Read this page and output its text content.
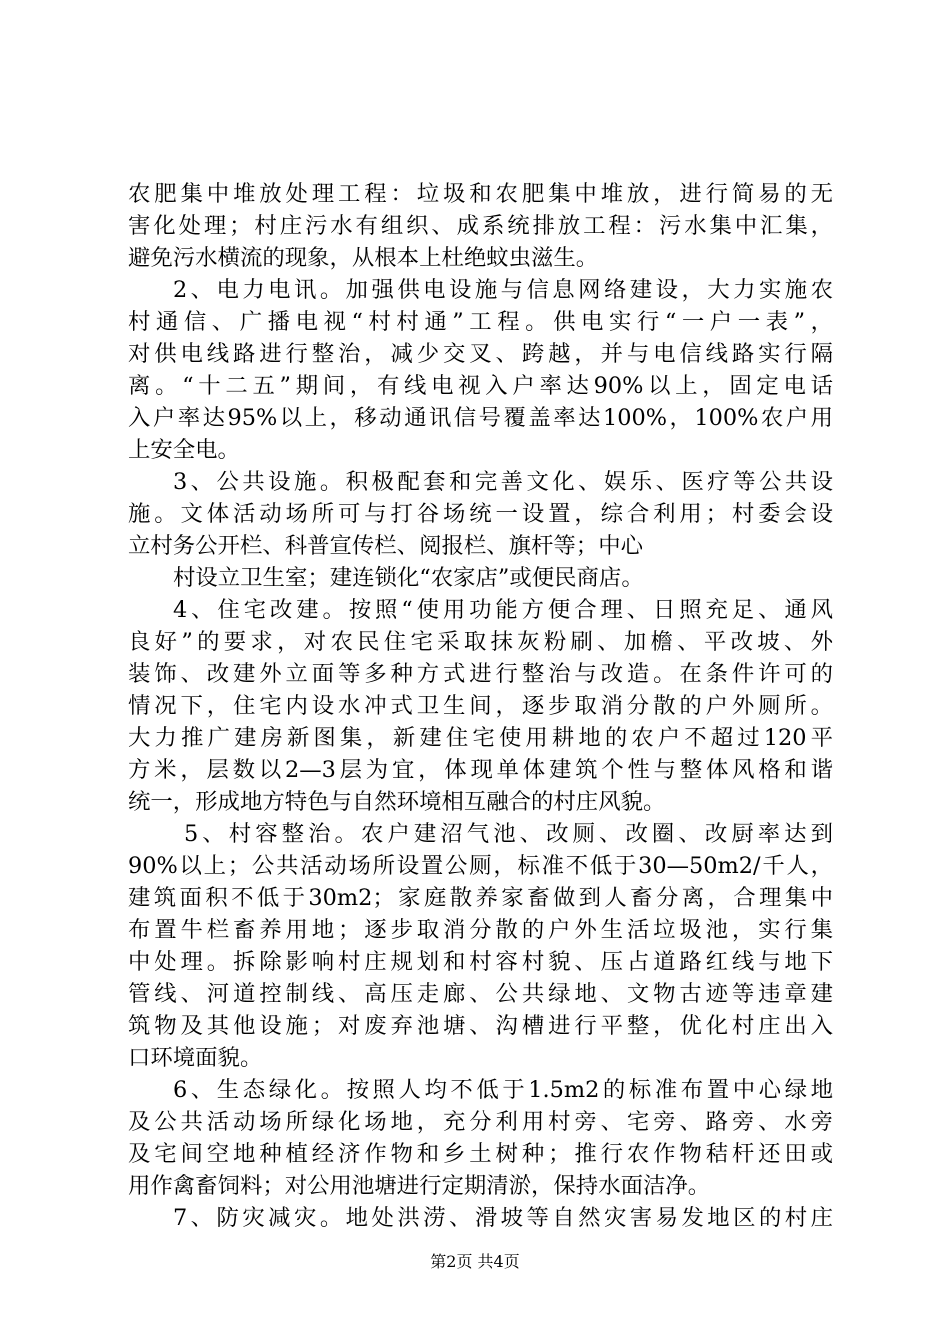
农肥集中堆放处理工程：垃圾和农肥集中堆放，进行简易的无
害化处理；村庄污水有组织、成系统排放工程：污水集中汇集，
避免污水横流的现象，从根本上杜绝蚊虫滋生。
2、电力电讯。加强供电设施与信息网络建设，大力实施农
村通信、广播电视“村村通”工程。供电实行“一户一表”，
对供电线路进行整治，减少交叉、跨越，并与电信线路实行隔
离。“十二五”期间，有线电视入户率达90%以上，固定电话
入户率达95%以上，移动通讯信号覆盖率达100%，100%农户用
上安全电。
3、公共设施。积极配套和完善文化、娱乐、医疗等公共设
施。文体活动场所可与打谷场统一设置，综合利用；村委会设
立村务公开栏、科普宣传栏、阅报栏、旗杆等；中心
村设立卫生室；建连锁化“农家店”或便民商店。
4、住宅改建。按照“使用功能方便合理、日照充足、通风
良好”的要求，对农民住宅采取抹灰粉刷、加檐、平改坡、外
装饰、改建外立面等多种方式进行整治与改造。在条件许可的
情况下，住宅内设水冲式卫生间，逐步取消分散的户外厕所。
大力推广建房新图集，新建住宅使用耕地的农户不超过120平
方米，层数以2—3层为宜，体现单体建筑个性与整体风格和谐
统一，形成地方特色与自然环境相互融合的村庄风貌。
5、村容整治。农户建沼气池、改厕、改圈、改厨率达到
90%以上；公共活动场所设置公厕，标准不低于30—50m2/千人，
建筑面积不低于30m2；家庭散养家畜做到人畜分离，合理集中
布置牛栏畜养用地；逐步取消分散的户外生活垃圾池，实行集
中处理。拆除影响村庄规划和村容村貌、压占道路红线与地下
管线、河道控制线、高压走廊、公共绿地、文物古迹等违章建
筑物及其他设施；对废弃池塘、沟槽进行平整，优化村庄出入
口环境面貌。
6、生态绿化。按照人均不低于1.5m2的标准布置中心绿地
及公共活动场所绿化场地，充分利用村旁、宅旁、路旁、水旁
及宅间空地种植经济作物和乡土树种；推行农作物秸杆还田或
用作禽畜饲料；对公用池塘进行定期清淤，保持水面洁净。
7、防灾减灾。地处洪涝、滑坡等自然灾害易发地区的村庄
第2页 共4页
